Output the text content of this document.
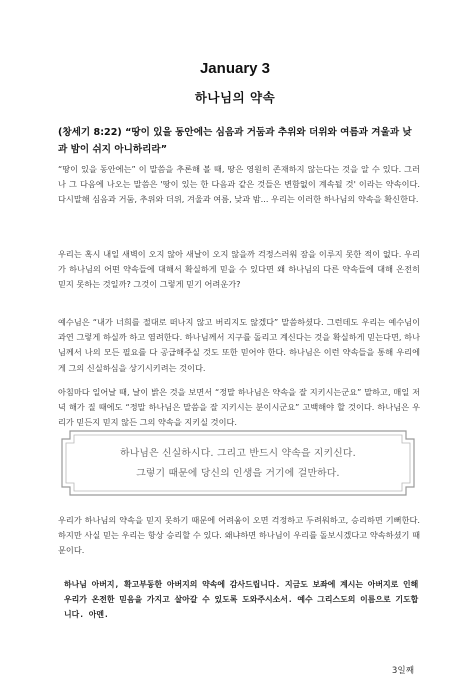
January 3
하나님의 약속
(창세기 8:22) “땅이 있을 동안에는 심음과 거둠과 추위와 더위와 여름과 겨울과 낮과 밤이 쉬지 아니하리라”
“땅이 있을 동안에는” 이 말씀을 추론해 볼 때, 땅은 영원히 존재하지 않는다는 것을 알 수 있다. 그러나 그 다음에 나오는 말씀은 '땅이 있는 한 다음과 같은 것들은 변함없이 계속될 것' 이라는 약속이다. 다시말해 심음과 거둠, 추위와 더위, 겨울과 여름, 낮과 밤... 우리는 이러한 하나님의 약속을 확신한다.
우리는 혹시 내일 새벽이 오지 않아 새날이 오지 않을까 걱정스러워 잠을 이루지 못한 적이 없다. 우리가 하나님의 어떤 약속들에 대해서 확실하게 믿을 수 있다면 왜 하나님의 다른 약속들에 대해 온전히 믿지 못하는 것일까? 그것이 그렇게 믿기 어려운가?
예수님은 “내가 너희를 절대로 떠나지 않고 버리지도 않겠다” 말씀하셨다. 그런데도 우리는 예수님이 과연 그렇게 하실까 하고 염려한다. 하나님께서 지구를 돌리고 계신다는 것을 확실하게 믿는다면, 하나님께서 나의 모든 필요를 다 공급해주실 것도 또한 믿어야 한다. 하나님은 이런 약속들을 통해 우리에게 그의 신실하심을 상기시키려는 것이다.
아침마다 일어날 때, 날이 밝은 것을 보면서 “정말 하나님은 약속을 잘 지키시는군요” 말하고, 매일 저녁 해가 질 때에도 “정말 하나님은 말씀을 잘 지키시는 분이시군요” 고백해야 할 것이다. 하나님은 우리가 믿든지 믿지 않든 그의 약속을 지키실 것이다.
하나님은 신실하시다. 그리고 반드시 약속을 지키신다.
그렇기 때문에 당신의 인생을 거기에 걸만하다.
우리가 하나님의 약속을 믿지 못하기 때문에 어려움이 오면 걱정하고 두려워하고, 승리하면 기뻐한다. 하지만 사실 믿는 우리는 항상 승리할 수 있다. 왜냐하면 하나님이 우리를 돌보시겠다고 약속하셨기 때문이다.
하나님 아버지, 확고부동한 아버지의 약속에 감사드립니다. 지금도 보좌에 계시는 아버지로 인해 우리가 온전한 믿음을 가지고 살아갈 수 있도록 도와주시소서. 예수 그리스도의 이름으로 기도합니다. 아멘.
3일째
